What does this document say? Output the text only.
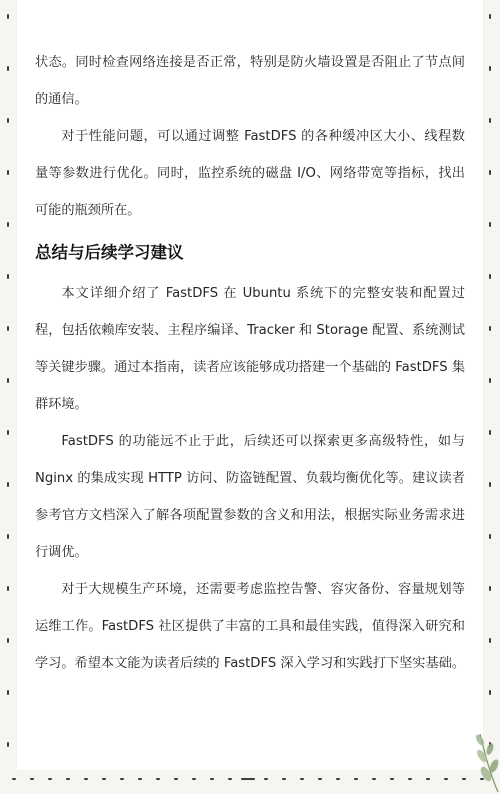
状态。同时检查网络连接是否正常，特别是防火墙设置是否阻止了节点间的通信。

对于性能问题，可以通过调整 FastDFS 的各种缓冲区大小、线程数量等参数进行优化。同时，监控系统的磁盘 I/O、网络带宽等指标，找出可能的瓶颈所在。

总结与后续学习建议

本文详细介绍了 FastDFS 在 Ubuntu 系统下的完整安装和配置过程，包括依赖库安装、主程序编译、Tracker 和 Storage 配置、系统测试等关键步骤。通过本指南，读者应该能够成功搭建一个基础的 FastDFS 集群环境。

FastDFS 的功能远不止于此，后续还可以探索更多高级特性，如与 Nginx 的集成实现 HTTP 访问、防盗链配置、负载均衡优化等。建议读者参考官方文档深入了解各项配置参数的含义和用法，根据实际业务需求进行调优。

对于大规模生产环境，还需要考虑监控告警、容灾备份、容量规划等运维工作。FastDFS 社区提供了丰富的工具和最佳实践，值得深入研究和学习。希望本文能为读者后续的 FastDFS 深入学习和实践打下坚实基础。
